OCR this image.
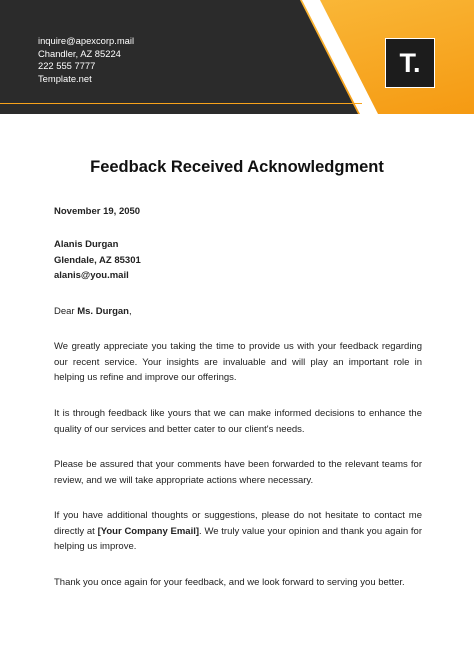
inquire@apexcorp.mail
Chandler, AZ 85224
222 555 7777
Template.net
T.
Feedback Received Acknowledgment
November 19, 2050
Alanis Durgan
Glendale, AZ 85301
alanis@you.mail
Dear Ms. Durgan,
We greatly appreciate you taking the time to provide us with your feedback regarding our recent service. Your insights are invaluable and will play an important role in helping us refine and improve our offerings.
It is through feedback like yours that we can make informed decisions to enhance the quality of our services and better cater to our client's needs.
Please be assured that your comments have been forwarded to the relevant teams for review, and we will take appropriate actions where necessary.
If you have additional thoughts or suggestions, please do not hesitate to contact me directly at [Your Company Email]. We truly value your opinion and thank you again for helping us improve.
Thank you once again for your feedback, and we look forward to serving you better.
